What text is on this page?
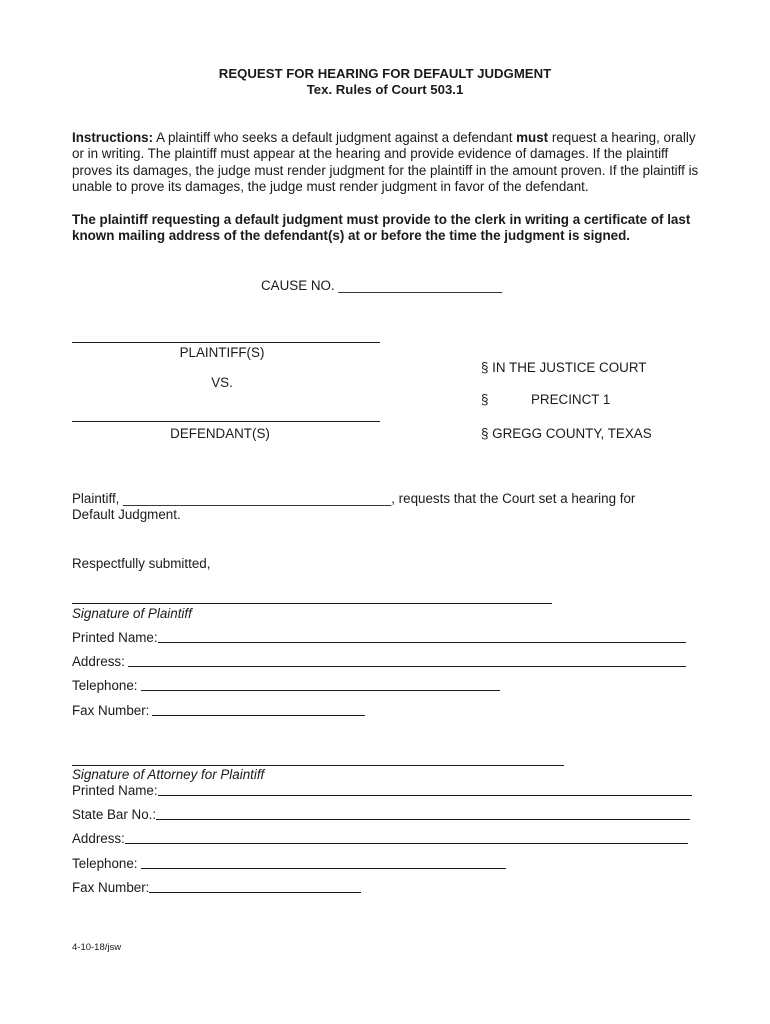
REQUEST FOR HEARING FOR DEFAULT JUDGMENT
Tex. Rules of Court 503.1
Instructions: A plaintiff who seeks a default judgment against a defendant must request a hearing, orally or in writing. The plaintiff must appear at the hearing and provide evidence of damages. If the plaintiff proves its damages, the judge must render judgment for the plaintiff in the amount proven. If the plaintiff is unable to prove its damages, the judge must render judgment in favor of the defendant.
The plaintiff requesting a default judgment must provide to the clerk in writing a certificate of last known mailing address of the defendant(s) at or before the time the judgment is signed.
CAUSE NO. ______________________
PLAINTIFF(S)
VS.
DEFENDANT(S)
§ IN THE JUSTICE COURT
§	PRECINCT 1
§ GREGG COUNTY, TEXAS
Plaintiff, ____________________________________, requests that the Court set a hearing for
Default Judgment.
Respectfully submitted,
Signature of Plaintiff
Printed Name:
Address:
Telephone:
Fax Number:
Signature of Attorney for Plaintiff
Printed Name:
State Bar No.:
Address:
Telephone:
Fax Number:
4-10-18/jsw
